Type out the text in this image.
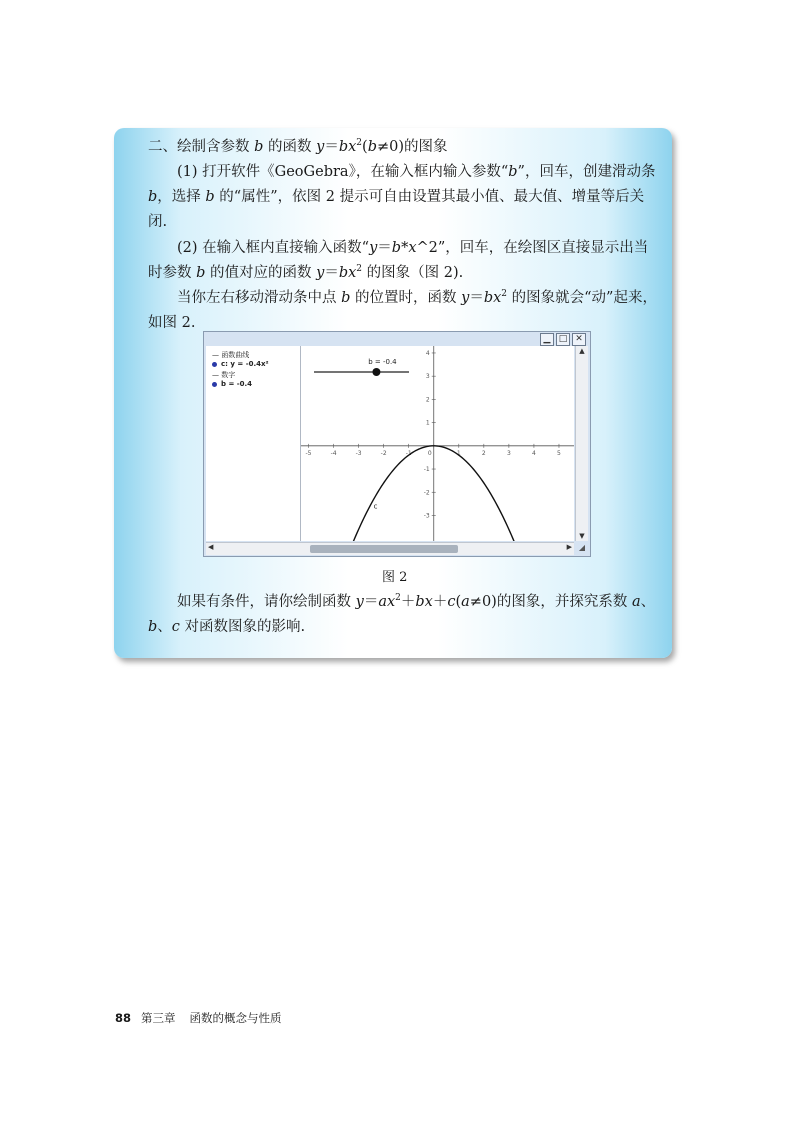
二、绘制含参数 b 的函数 $y=bx^2(b\ne 0)$的图象

(1) 打开软件《GeoGebra》，在输入框内输入参数“b”，回车，创建滑动条b，选择 b 的“属性”，依图 2 提示可自由设置其最小值、最大值、增量等后关闭.

(2) 在输入框内直接输入函数“y＝b*x^2”，回车，在绘图区直接显示出当时参数 b 的值对应的函数 $y=bx^2$ 的图象（图 2).

当你左右移动滑动条中点 b 的位置时，函数 $y=bx^2$ 的图象就会“动”起来，如图 2.

▁ □ ✕
— 函数曲线
c: y = -0.4x²
— 数字
b = -0.4
-5	-4	-3	-2	-1	0	1	2	3	4	5
4
3
2
1
-1
-2
-3
c
b = -0.4
▲
▼
◀	▶ ◢
图 2

如果有条件，请你绘制函数 $y=ax^2+bx+c(a\ne 0)$的图象，并探究系数 a、b、c 对函数图象的影响.

88 第三章 函数的概念与性质
